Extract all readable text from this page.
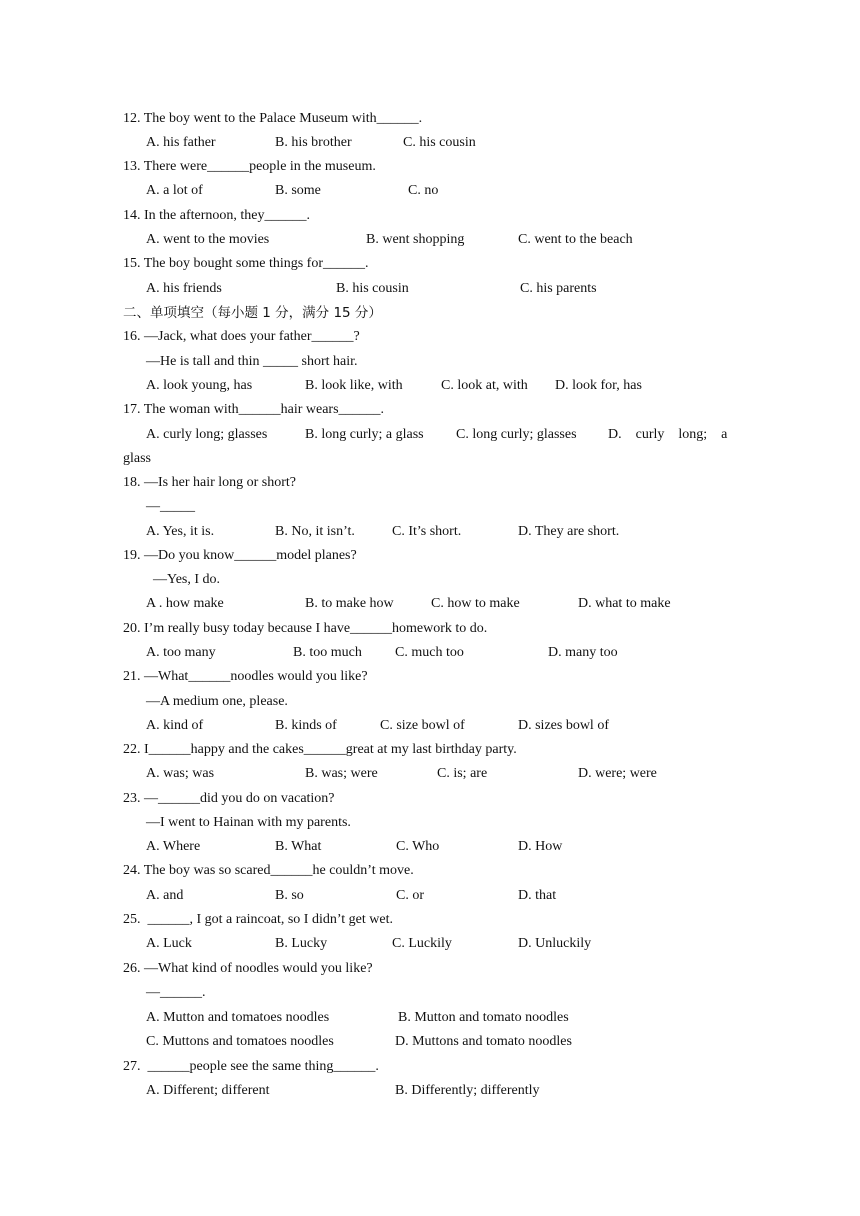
12. The boy went to the Palace Museum with______.
A. his father	B. his brother	C. his cousin
13. There were______people in the museum.
A. a lot of	B. some	C. no
14. In the afternoon, they______.
A. went to the movies	B. went shopping	C. went to the beach
15. The boy bought some things for______.
A. his friends	B. his cousin	C. his parents
二、单项填空（每小题 1 分，满分 15 分）
16. —Jack, what does your father______?
—He is tall and thin _____ short hair.
A. look young, has	B. look like, with	C. look at, with D. look for, has
17. The woman with______hair wears______.
A. curly long; glasses	B. long curly; a glass C. long curly; glasses D.    curly    long;    a
glass
18. —Is her hair long or short?
—_____
A. Yes, it is.	B. No, it isn’t.	C. It’s short.	D. They are short.
19. —Do you know______model planes?
—Yes, I do.
A . how make	B. to make how	C. how to make	D. what to make
20. I’m really busy today because I have______homework to do.
A. too many	B. too much C. much too	D. many too
21. —What______noodles would you like?
—A medium one, please.
A. kind of	B. kinds of	C. size bowl of	D. sizes bowl of
22. I______happy and the cakes______great at my last birthday party.
A. was; was	B. was; were	C. is; are	D. were; were
23. —______did you do on vacation?
—I went to Hainan with my parents.
A. Where	B. What	C. Who	D. How
24. The boy was so scared______he couldn’t move.
A. and	B. so	C. or	D. that
25.  ______, I got a raincoat, so I didn’t get wet.
A. Luck	B. Lucky	C. Luckily	D. Unluckily
26. —What kind of noodles would you like?
—______.
A. Mutton and tomatoes noodles	B. Mutton and tomato noodles
C. Muttons and tomatoes noodles	D. Muttons and tomato noodles
27.  ______people see the same thing______.
A. Different; different	B. Differently; differently
